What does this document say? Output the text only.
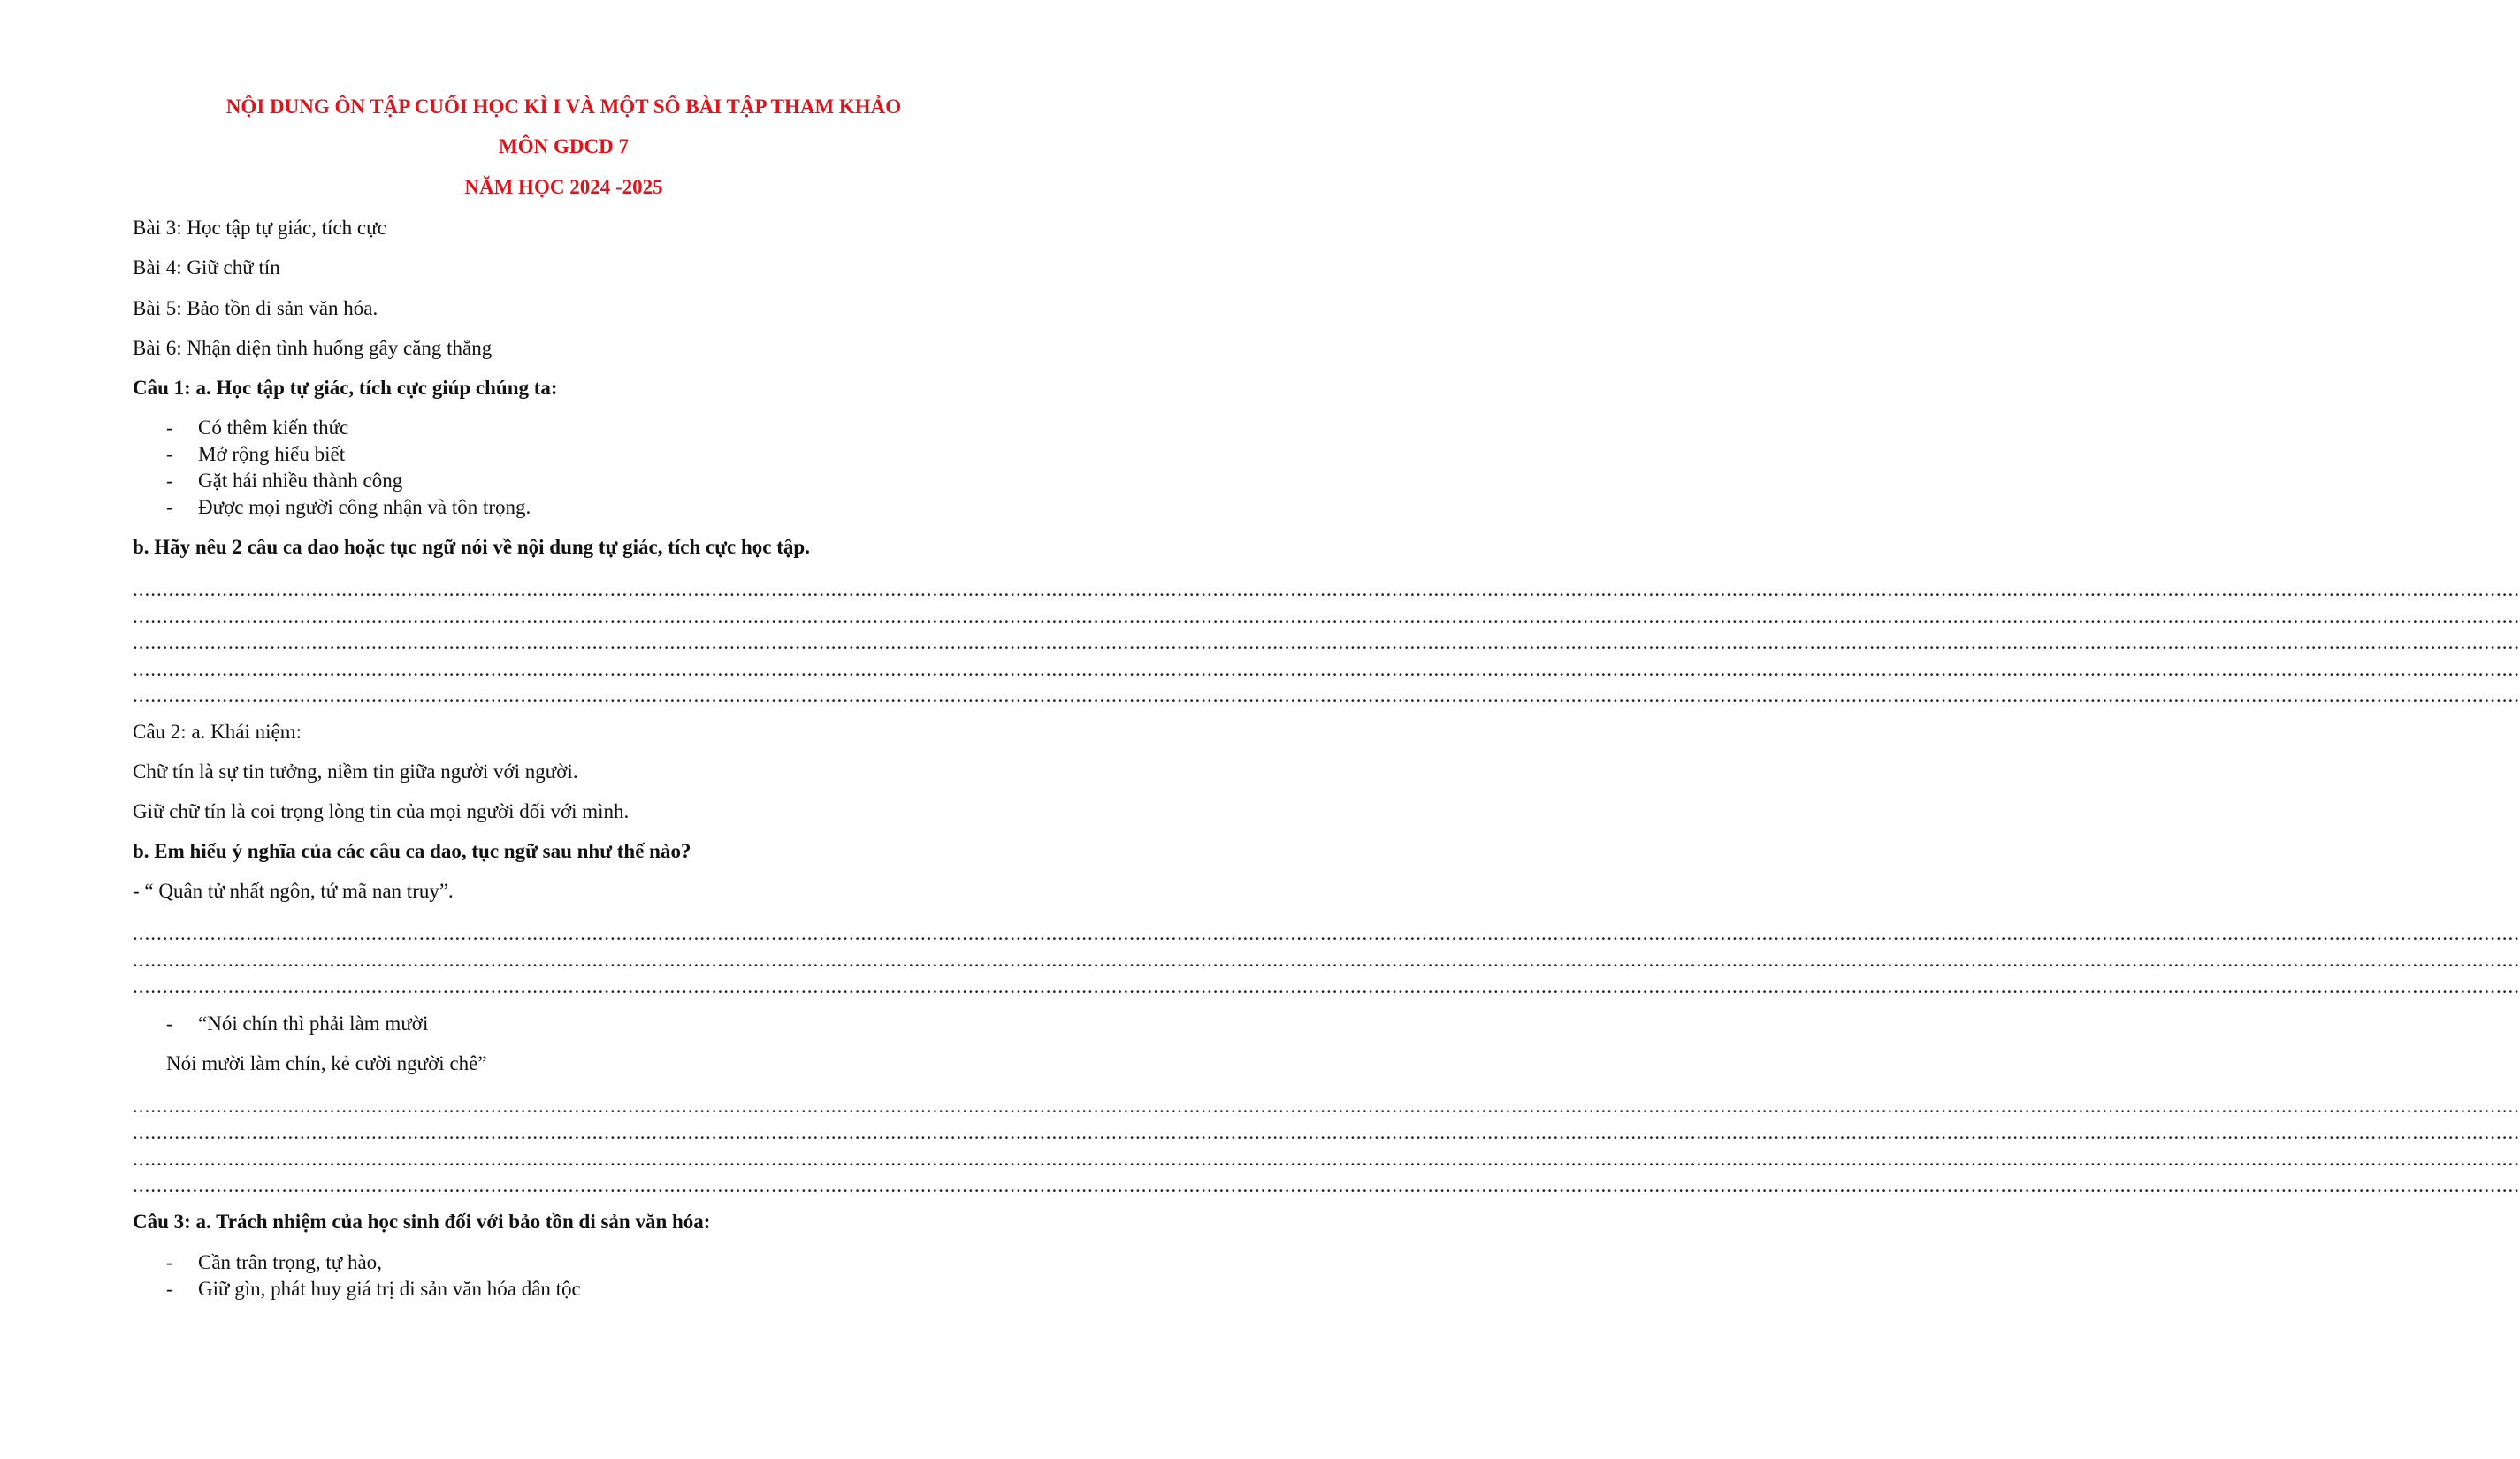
NỘI DUNG ÔN TẬP CUỐI HỌC KÌ I VÀ MỘT SỐ BÀI TẬP THAM KHẢO
MÔN GDCD 7
NĂM HỌC 2024 -2025
Bài 3: Học tập tự giác, tích cực
Bài 4: Giữ chữ tín
Bài 5: Bảo tồn di sản văn hóa.
Bài 6: Nhận diện tình huống gây căng thẳng
Câu 1: a. Học tập tự giác, tích cực giúp chúng ta:
- Có thêm kiến thức
- Mở rộng hiểu biết
- Gặt hái nhiều thành công
- Được mọi người công nhận và tôn trọng.
b. Hãy nêu 2 câu ca dao hoặc tục ngữ nói về nội dung tự giác, tích cực học tập.
................................................................................................................................................................................................................................................................................................................................................................................................................
................................................................................................................................................................................................................................................................................................................................................................................................................
................................................................................................................................................................................................................................................................................................................................................................................................................
................................................................................................................................................................................................................................................................................................................................................................................................................
................................................................................................................................................................................................................................................................................................................................................................................................................
Câu 2: a. Khái niệm:
Chữ tín là sự tin tưởng, niềm tin giữa người với người.
Giữ chữ tín là coi trọng lòng tin của mọi người đối với mình.
b. Em hiểu ý nghĩa của các câu ca dao, tục ngữ sau như thế nào?
- “ Quân tử nhất ngôn, tứ mã nan truy”.
................................................................................................................................................................................................................................................................................................................................................................................................................
................................................................................................................................................................................................................................................................................................................................................................................................................
................................................................................................................................................................................................................................................................................................................................................................................................................
- “Nói chín thì phải làm mười
Nói mười làm chín, kẻ cười người chê”
................................................................................................................................................................................................................................................................................................................................................................................................................
................................................................................................................................................................................................................................................................................................................................................................................................................
................................................................................................................................................................................................................................................................................................................................................................................................................
................................................................................................................................................................................................................................................................................................................................................................................................................
Câu 3: a. Trách nhiệm của học sinh đối với bảo tồn di sản văn hóa:
- Cần trân trọng, tự hào,
- Giữ gìn, phát huy giá trị di sản văn hóa dân tộc
